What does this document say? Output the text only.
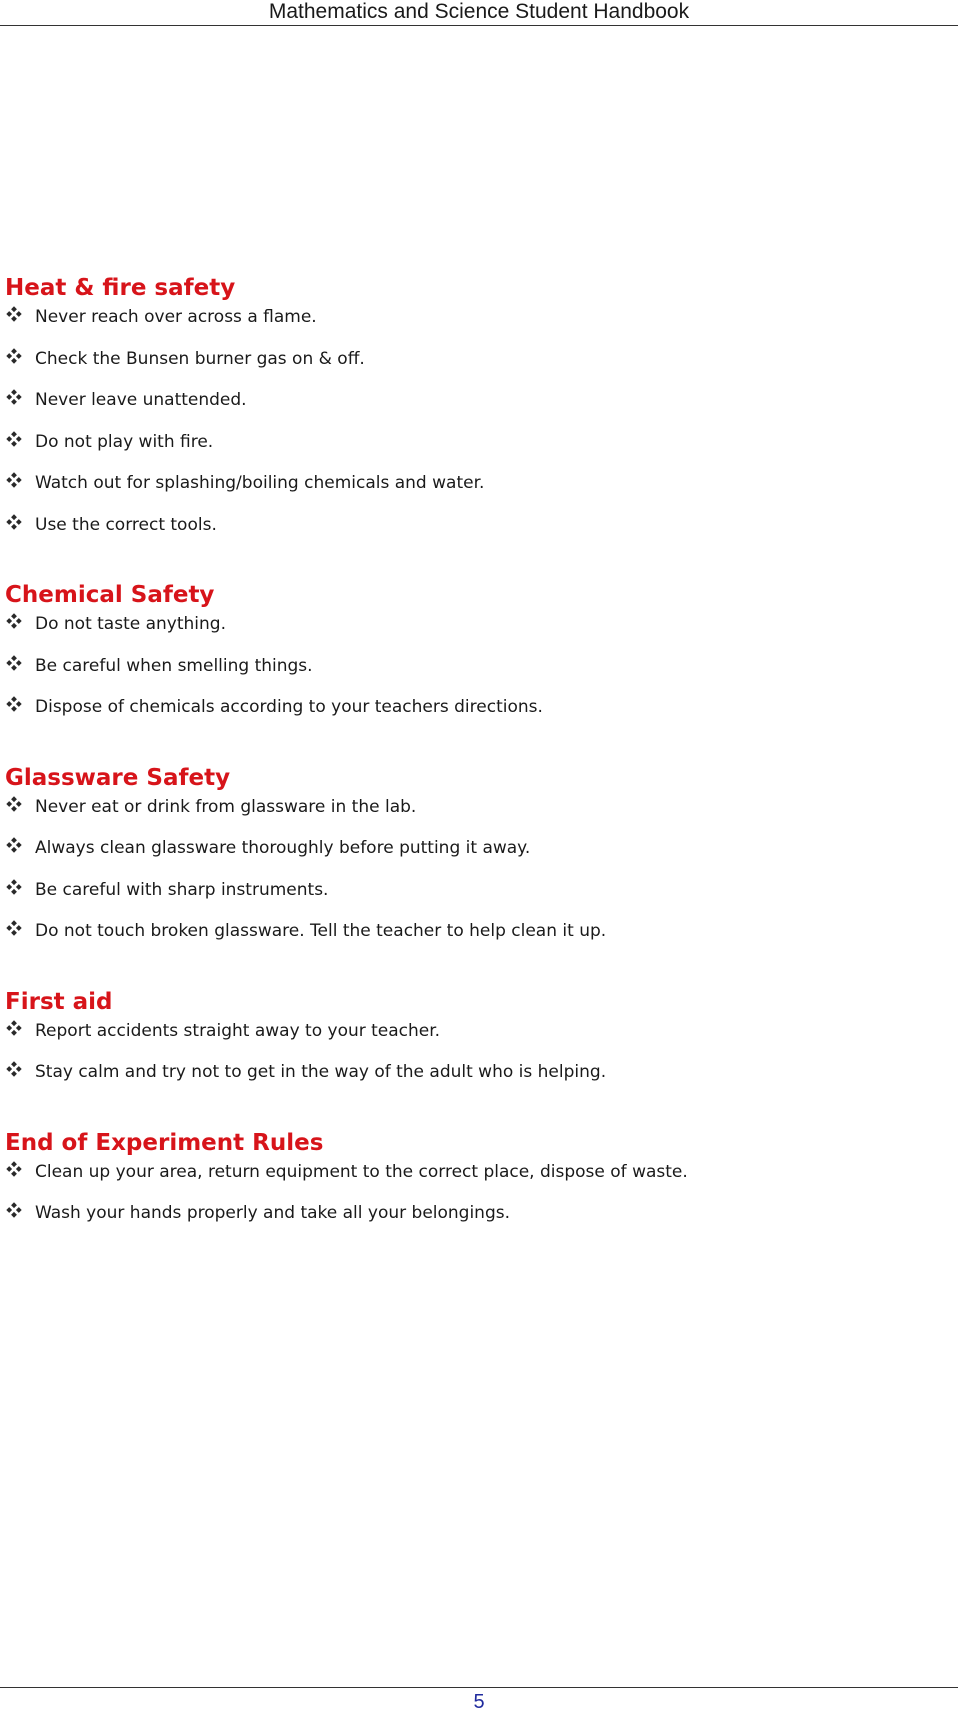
Mathematics and Science Student Handbook
Heat & fire safety
Never reach over across a flame.
Check the Bunsen burner gas on & off.
Never leave unattended.
Do not play with fire.
Watch out for splashing/boiling chemicals and water.
Use the correct tools.
Chemical Safety
Do not taste anything.
Be careful when smelling things.
Dispose of chemicals according to your teachers directions.
Glassware Safety
Never eat or drink from glassware in the lab.
Always clean glassware thoroughly before putting it away.
Be careful with sharp instruments.
Do not touch broken glassware. Tell the teacher to help clean it up.
First aid
Report accidents straight away to your teacher.
Stay calm and try not to get in the way of the adult who is helping.
End of Experiment Rules
Clean up your area, return equipment to the correct place, dispose of waste.
Wash your hands properly and take all your belongings.
5
